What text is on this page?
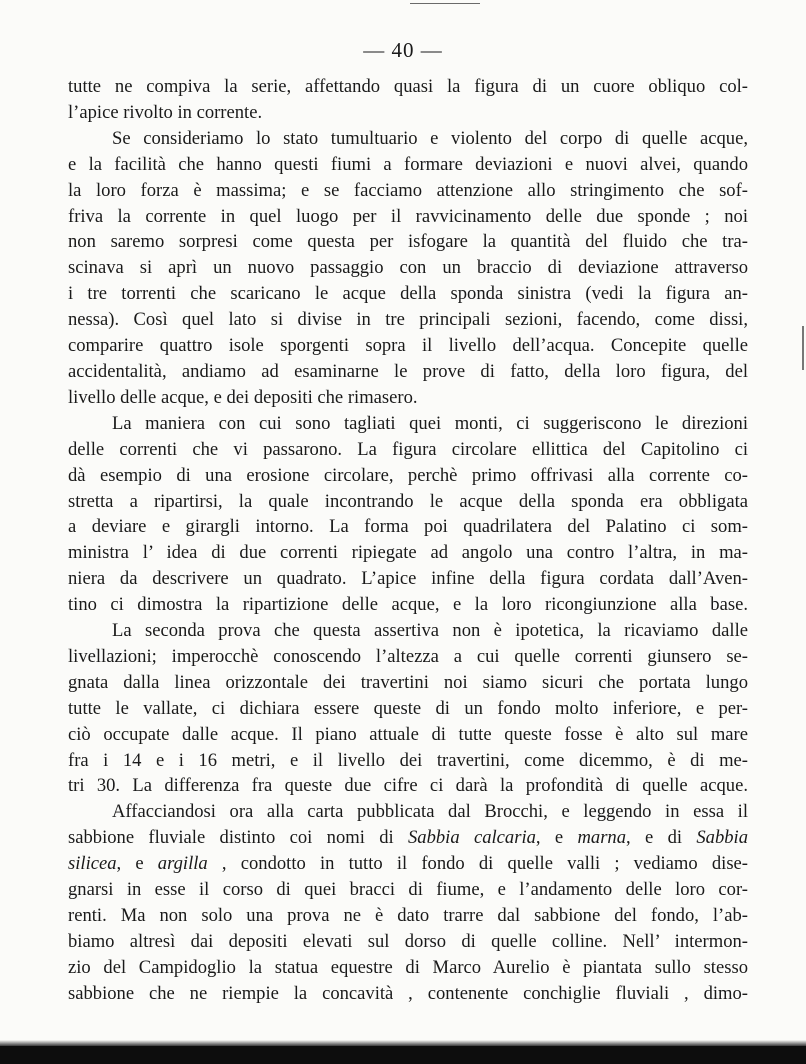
— 40 —
tutte ne compiva la serie, affettando quasi la figura di un cuore obliquo col-
l’apice rivolto in corrente.
Se consideriamo lo stato tumultuario e violento del corpo di quelle acque,
e la facilità che hanno questi fiumi a formare deviazioni e nuovi alvei, quando
la loro forza è massima; e se facciamo attenzione allo stringimento che sof-
friva la corrente in quel luogo per il ravvicinamento delle due sponde ; noi
non saremo sorpresi come questa per isfogare la quantità del fluido che tra-
scinava si aprì un nuovo passaggio con un braccio di deviazione attraverso
i tre torrenti che scaricano le acque della sponda sinistra (vedi la figura an-
nessa). Così quel lato si divise in tre principali sezioni, facendo, come dissi,
comparire quattro isole sporgenti sopra il livello dell’acqua. Concepite quelle
accidentalità, andiamo ad esaminarne le prove di fatto, della loro figura, del
livello delle acque, e dei depositi che rimasero.
La maniera con cui sono tagliati quei monti, ci suggeriscono le direzioni
delle correnti che vi passarono. La figura circolare ellittica del Capitolino ci
dà esempio di una erosione circolare, perchè primo offrivasi alla corrente co-
stretta a ripartirsi, la quale incontrando le acque della sponda era obbligata
a deviare e girargli intorno. La forma poi quadrilatera del Palatino ci som-
ministra l’ idea di due correnti ripiegate ad angolo una contro l’altra, in ma-
niera da descrivere un quadrato. L’apice infine della figura cordata dall’Aven-
tino ci dimostra la ripartizione delle acque, e la loro ricongiunzione alla base.
La seconda prova che questa assertiva non è ipotetica, la ricaviamo dalle
livellazioni; imperocchè conoscendo l’altezza a cui quelle correnti giunsero se-
gnata dalla linea orizzontale dei travertini noi siamo sicuri che portata lungo
tutte le vallate, ci dichiara essere queste di un fondo molto inferiore, e per-
ciò occupate dalle acque. Il piano attuale di tutte queste fosse è alto sul mare
fra i 14 e i 16 metri, e il livello dei travertini, come dicemmo, è di me-
tri 30. La differenza fra queste due cifre ci darà la profondità di quelle acque.
Affacciandosi ora alla carta pubblicata dal Brocchi, e leggendo in essa il
sabbione fluviale distinto coi nomi di Sabbia calcaria, e marna, e di Sabbia
silicea, e argilla , condotto in tutto il fondo di quelle valli ; vediamo dise-
gnarsi in esse il corso di quei bracci di fiume, e l’andamento delle loro cor-
renti. Ma non solo una prova ne è dato trarre dal sabbione del fondo, l’ab-
biamo altresì dai depositi elevati sul dorso di quelle colline. Nell’ intermon-
zio del Campidoglio la statua equestre di Marco Aurelio è piantata sullo stesso
sabbione che ne riempie la concavità , contenente conchiglie fluviali , dimo-
